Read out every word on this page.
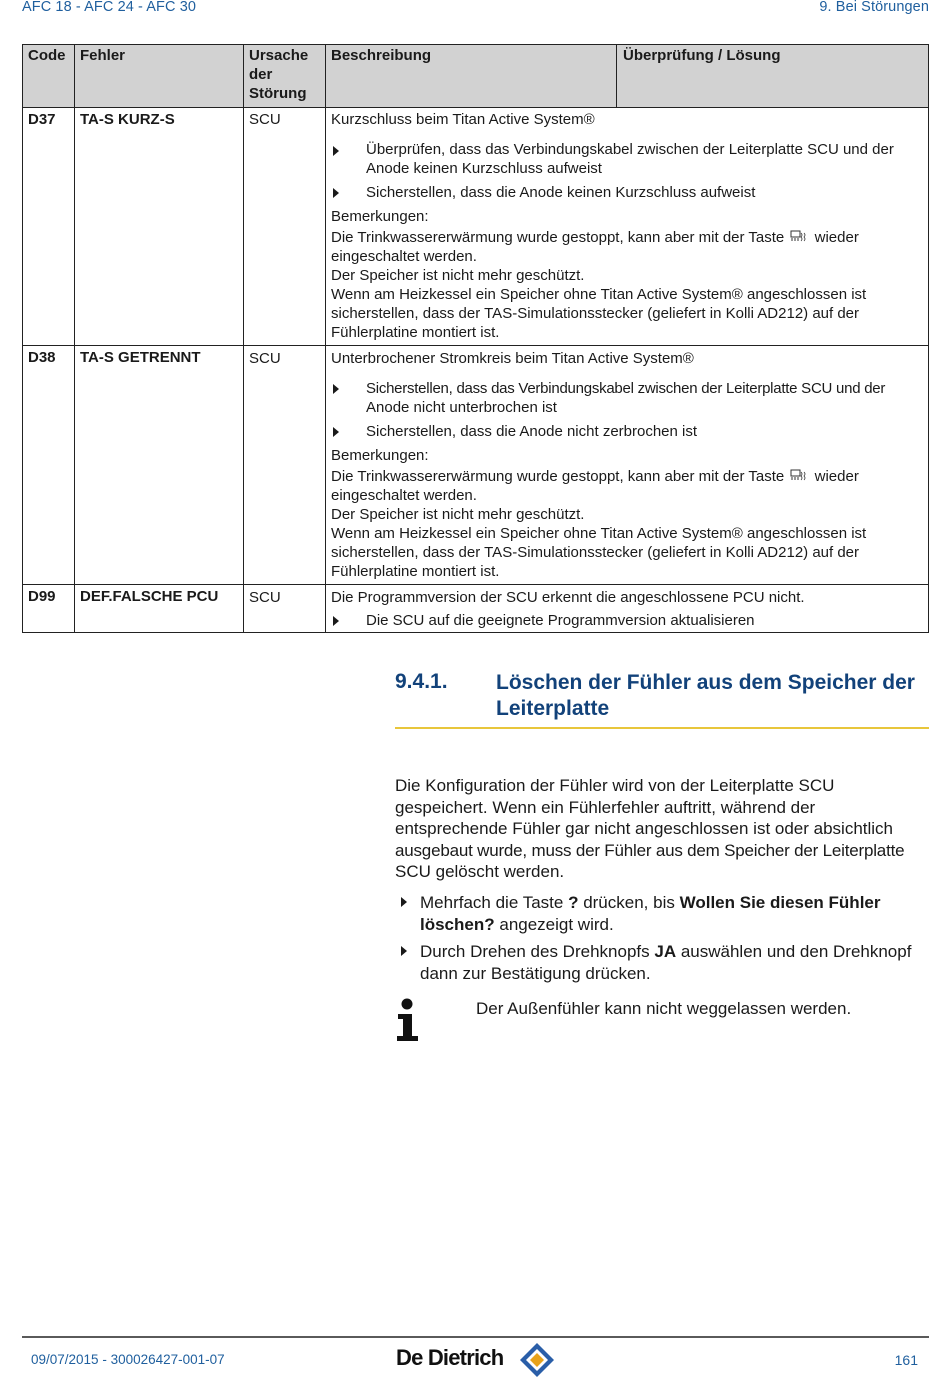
AFC 18 - AFC 24 - AFC 30	9. Bei Störungen
Code Fehler	Ursache
der
Störung
Beschreibung	Überprüfung / Lösung
D37 TA-S KURZ-S	SCU	Kurzschluss beim Titan Active System®
Überprüfen, dass das Verbindungskabel zwischen der Leiterplatte SCU und der
Anode keinen Kurzschluss aufweist
Sicherstellen, dass die Anode keinen Kurzschluss aufweist
Bemerkungen:
Die Trinkwassererwärmung wurde gestoppt, kann aber mit der Taste wieder
eingeschaltet werden.
Der Speicher ist nicht mehr geschützt.
Wenn am Heizkessel ein Speicher ohne Titan Active System® angeschlossen ist
sicherstellen, dass der TAS-Simulationsstecker (geliefert in Kolli AD212) auf der
Fühlerplatine montiert ist.
D38 TA-S GETRENNT	SCU	Unterbrochener Stromkreis beim Titan Active System®
Sicherstellen, dass das Verbindungskabel zwischen der Leiterplatte SCU und der
Anode nicht unterbrochen ist
Sicherstellen, dass die Anode nicht zerbrochen ist
Bemerkungen:
Die Trinkwassererwärmung wurde gestoppt, kann aber mit der Taste wieder
eingeschaltet werden.
Der Speicher ist nicht mehr geschützt.
Wenn am Heizkessel ein Speicher ohne Titan Active System® angeschlossen ist
sicherstellen, dass der TAS-Simulationsstecker (geliefert in Kolli AD212) auf der
Fühlerplatine montiert ist.
D99 DEF.FALSCHE PCU SCU	Die Programmversion der SCU erkennt die angeschlossene PCU nicht.
Die SCU auf die geeignete Programmversion aktualisieren
9.4.1. Löschen der Fühler aus dem Speicher der
Leiterplatte
Die Konfiguration der Fühler wird von der Leiterplatte SCU
gespeichert. Wenn ein Fühlerfehler auftritt, während der
entsprechende Fühler gar nicht angeschlossen ist oder absichtlich
ausgebaut wurde, muss der Fühler aus dem Speicher der Leiterplatte
SCU gelöscht werden.
Mehrfach die Taste ? drücken, bis Wollen Sie diesen Fühler
löschen? angezeigt wird.
Durch Drehen des Drehknopfs JA auswählen und den Drehknopf
dann zur Bestätigung drücken.
Der Außenfühler kann nicht weggelassen werden.
09/07/2015 - 300026427-001-07	De Dietrich	161
